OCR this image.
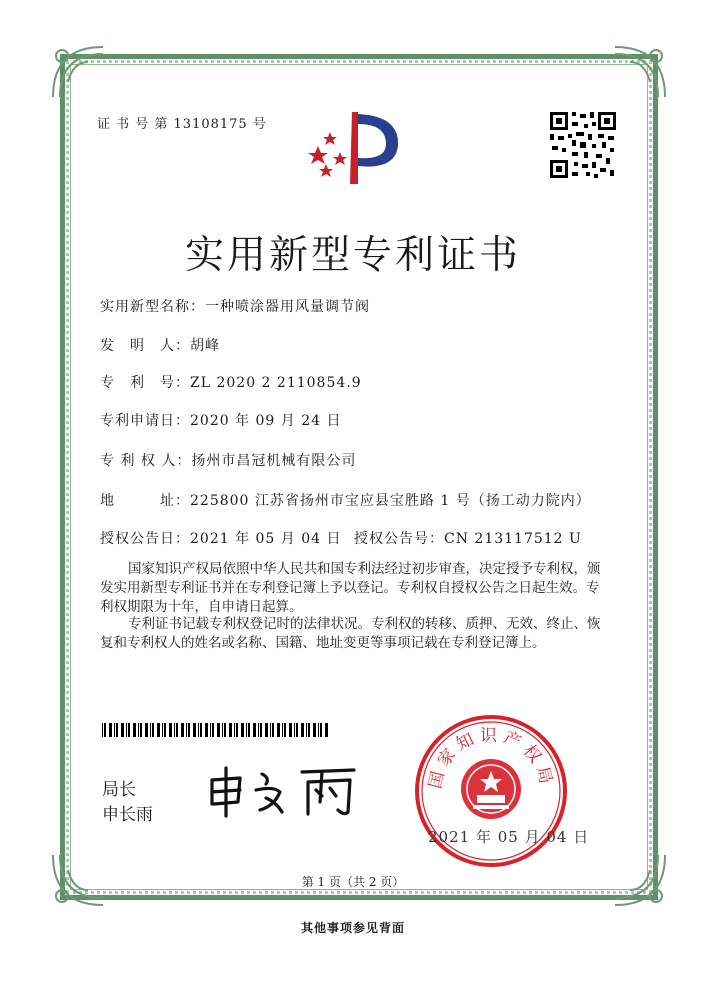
证 书 号 第 13108175 号
实用新型专利证书
实用新型名称：一种喷涂器用风量调节阀
发　明　人：胡峰
专　利　号：ZL 2020 2 2110854.9
专利申请日：2020 年 09 月 24 日
专 利 权 人：扬州市昌冠机械有限公司
地　　　址：225800 江苏省扬州市宝应县宝胜路 1 号（扬工动力院内）
授权公告日：2021 年 05 月 04 日 授权公告号：CN 213117512 U

国家知识产权局依照中华人民共和国专利法经过初步审查，决定授予专利权，颁发实用新型专利证书并在专利登记簿上予以登记。专利权自授权公告之日起生效。专利权期限为十年，自申请日起算。

专利证书记载专利权登记时的法律状况。专利权的转移、质押、无效、终止、恢复和专利权人的姓名或名称、国籍、地址变更等事项记载在专利登记簿上。

局长
申长雨
国家知识产权局
2021 年 05 月 04 日
第 1 页（共 2 页）
其他事项参见背面
